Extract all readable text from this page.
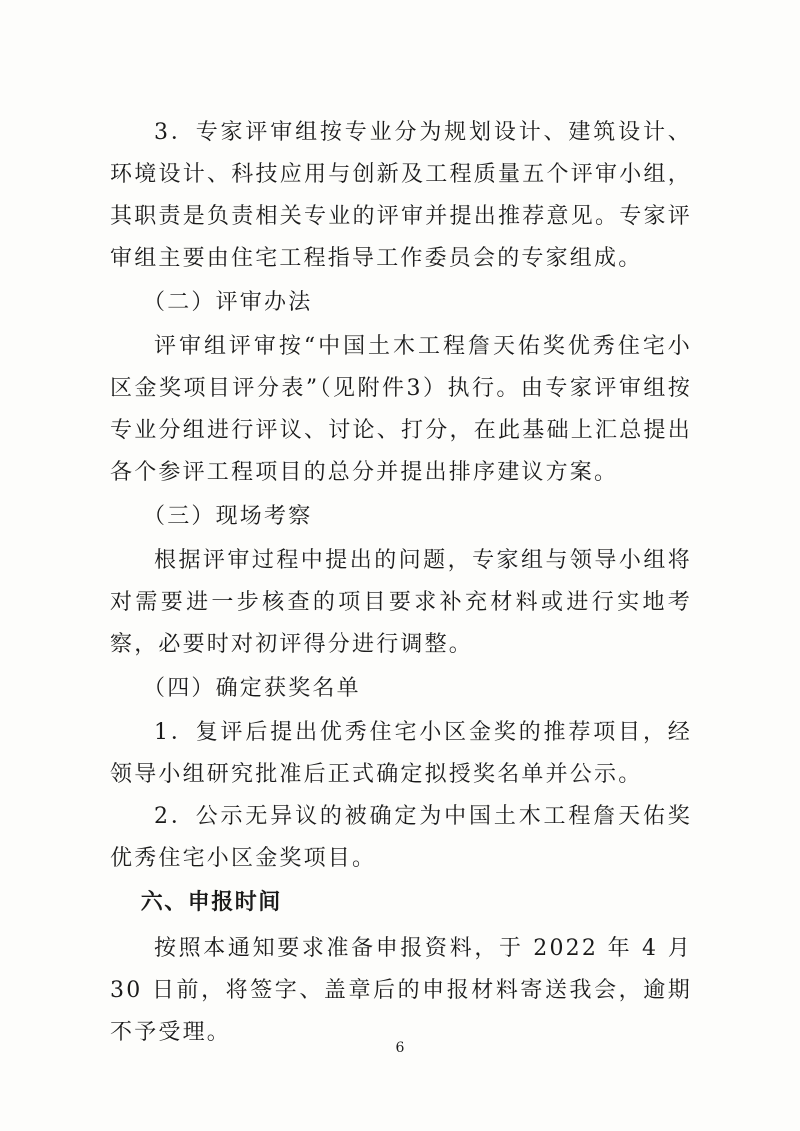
3．专家评审组按专业分为规划设计、建筑设计、环境设计、科技应用与创新及工程质量五个评审小组，其职责是负责相关专业的评审并提出推荐意见。专家评审组主要由住宅工程指导工作委员会的专家组成。

（二）评审办法

评审组评审按“中国土木工程詹天佑奖优秀住宅小区金奖项目评分表”（见附件3）执行。由专家评审组按专业分组进行评议、讨论、打分，在此基础上汇总提出各个参评工程项目的总分并提出排序建议方案。

（三）现场考察

根据评审过程中提出的问题，专家组与领导小组将对需要进一步核查的项目要求补充材料或进行实地考察，必要时对初评得分进行调整。

（四）确定获奖名单

1．复评后提出优秀住宅小区金奖的推荐项目，经领导小组研究批准后正式确定拟授奖名单并公示。

2．公示无异议的被确定为中国土木工程詹天佑奖优秀住宅小区金奖项目。

六、申报时间

按照本通知要求准备申报资料，于 2022 年 4 月 30 日前，将签字、盖章后的申报材料寄送我会，逾期不予受理。

6
